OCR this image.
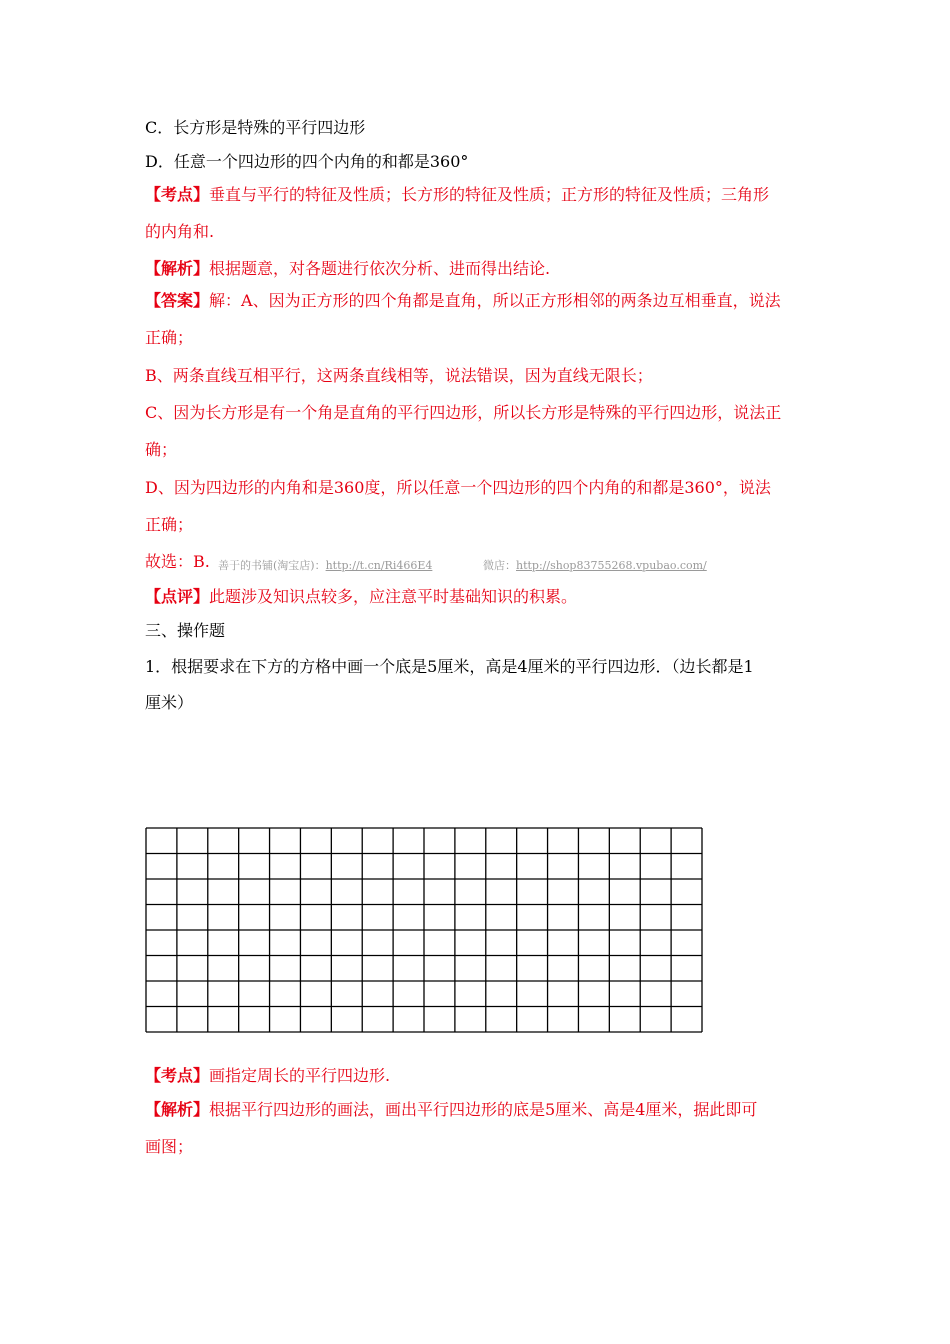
C．长方形是特殊的平行四边形
D．任意一个四边形的四个内角的和都是360°
【考点】垂直与平行的特征及性质；长方形的特征及性质；正方形的特征及性质；三角形
的内角和.
【解析】根据题意，对各题进行依次分析、进而得出结论.
【答案】解：A、因为正方形的四个角都是直角，所以正方形相邻的两条边互相垂直，说法
正确；
B、两条直线互相平行，这两条直线相等，说法错误，因为直线无限长；
C、因为长方形是有一个角是直角的平行四边形，所以长方形是特殊的平行四边形，说法正
确；
D、因为四边形的内角和是360度，所以任意一个四边形的四个内角的和都是360°，说法
正确；
故选：B. 善于的书铺(淘宝店)：http://t.cn/Ri466E4	微店：http://shop83755268.vpubao.com/
【点评】此题涉及知识点较多，应注意平时基础知识的积累。
三、操作题
1．根据要求在下方的方格中画一个底是5厘米，高是4厘米的平行四边形．（边长都是1
厘米）
【考点】画指定周长的平行四边形.
【解析】根据平行四边形的画法，画出平行四边形的底是5厘米、高是4厘米，据此即可
画图；
